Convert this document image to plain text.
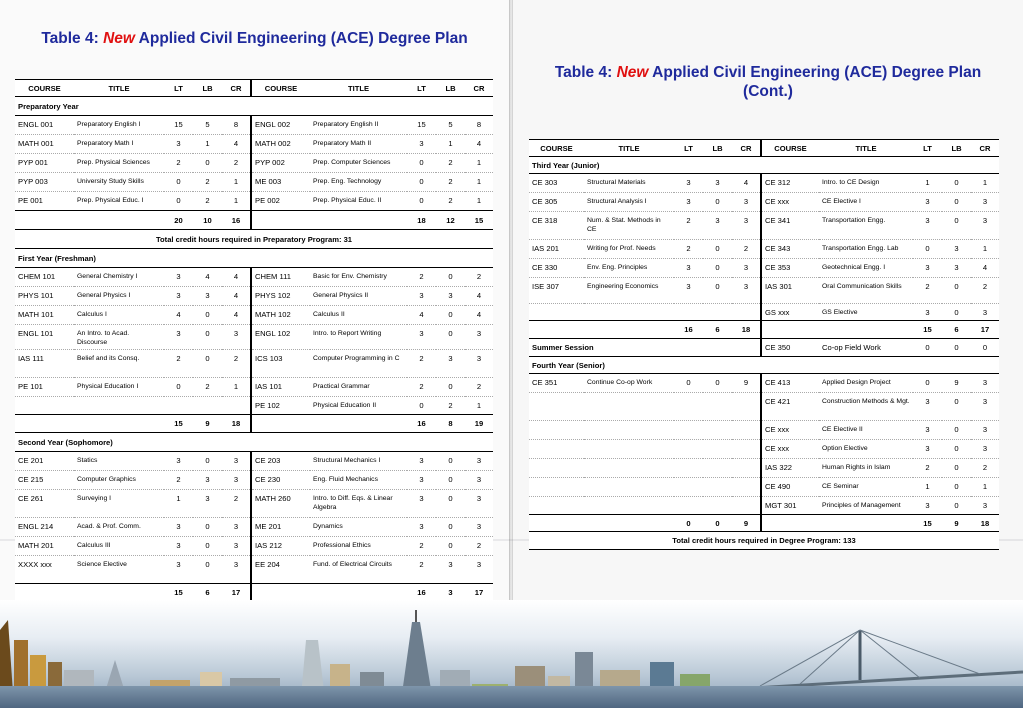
Table 4: New Applied Civil Engineering (ACE) Degree Plan
Table 4: New Applied Civil Engineering (ACE) Degree Plan
(Cont.)
COURSE	TITLE	LT	LB	CR	COURSE	TITLE	LT	LB	CR
Preparatory Year									
ENGL 001	Preparatory English I	15	5	8	ENGL 002	Preparatory English II	15	5	8
MATH 001	Preparatory Math I	3	1	4	MATH 002	Preparatory Math II	3	1	4
PYP 001	Prep. Physical Sciences	2	0	2	PYP 002	Prep. Computer Sciences	0	2	1
PYP 003	University Study Skills	0	2	1	ME 003	Prep. Eng. Technology	0	2	1
PE 001	Prep. Physical Educ. I	0	2	1	PE 002	Prep. Physical Educ. II	0	2	1
		20	10	16			18	12	15
Total credit hours required in Preparatory Program: 31									
First Year (Freshman)									
CHEM 101	General Chemistry I	3	4	4	CHEM 111	Basic for Env. Chemistry	2	0	2
PHYS 101	General Physics I	3	3	4	PHYS 102	General Physics II	3	3	4
MATH 101	Calculus I	4	0	4	MATH 102	Calculus II	4	0	4
ENGL 101	An Intro. to Acad. Discourse	3	0	3	ENGL 102	Intro. to Report Writing	3	0	3
IAS 111	Belief and its Consq.	2	0	2	ICS 103	Computer Programming in C	2	3	3
PE 101	Physical Education I	0	2	1	IAS 101	Practical Grammar	2	0	2
					PE 102	Physical Education II	0	2	1
		15	9	18			16	8	19
Second Year (Sophomore)									
CE 201	Statics	3	0	3	CE 203	Structural Mechanics I	3	0	3
CE 215	Computer Graphics	2	3	3	CE 230	Eng. Fluid Mechanics	3	0	3
CE 261	Surveying I	1	3	2	MATH 260	Intro. to Diff. Eqs. & Linear Algebra	3	0	3
ENGL 214	Acad. & Prof. Comm.	3	0	3	ME 201	Dynamics	3	0	3
MATH 201	Calculus III	3	0	3	IAS 212	Professional Ethics	2	0	2
XXXX xxx	Science Elective	3	0	3	EE 204	Fund. of Electrical Circuits	2	3	3
		15	6	17			16	3	17
COURSE	TITLE	LT	LB	CR	COURSE	TITLE	LT	LB	CR
Third Year (Junior)									
CE 303	Structural Materials	3	3	4	CE 312	Intro. to CE Design	1	0	1
CE 305	Structural Analysis I	3	0	3	CE xxx	CE Elective I	3	0	3
CE 318	Num. & Stat. Methods in CE	2	3	3	CE 341	Transportation Engg.	3	0	3
IAS 201	Writing for Prof. Needs	2	0	2	CE 343	Transportation Engg. Lab	0	3	1
CE 330	Env. Eng. Principles	3	0	3	CE 353	Geotechnical Engg. I	3	3	4
ISE 307	Engineering Economics	3	0	3	IAS 301	Oral Communication Skills	2	0	2
					GS xxx	GS Elective	3	0	3
		16	6	18			15	6	17
Summer Session					CE 350	Co-op Field Work	0	0	0
Fourth Year (Senior)									
CE 351	Continue Co-op Work	0	0	9	CE 413	Applied Design Project	0	9	3
					CE 421	Construction Methods & Mgt.	3	0	3
					CE xxx	CE Elective II	3	0	3
					CE xxx	Option Elective	3	0	3
					IAS 322	Human Rights in Islam	2	0	2
					CE 490	CE Seminar	1	0	1
					MGT 301	Principles of Management	3	0	3
		0	0	9			15	9	18
Total credit hours required in Degree Program: 133									
